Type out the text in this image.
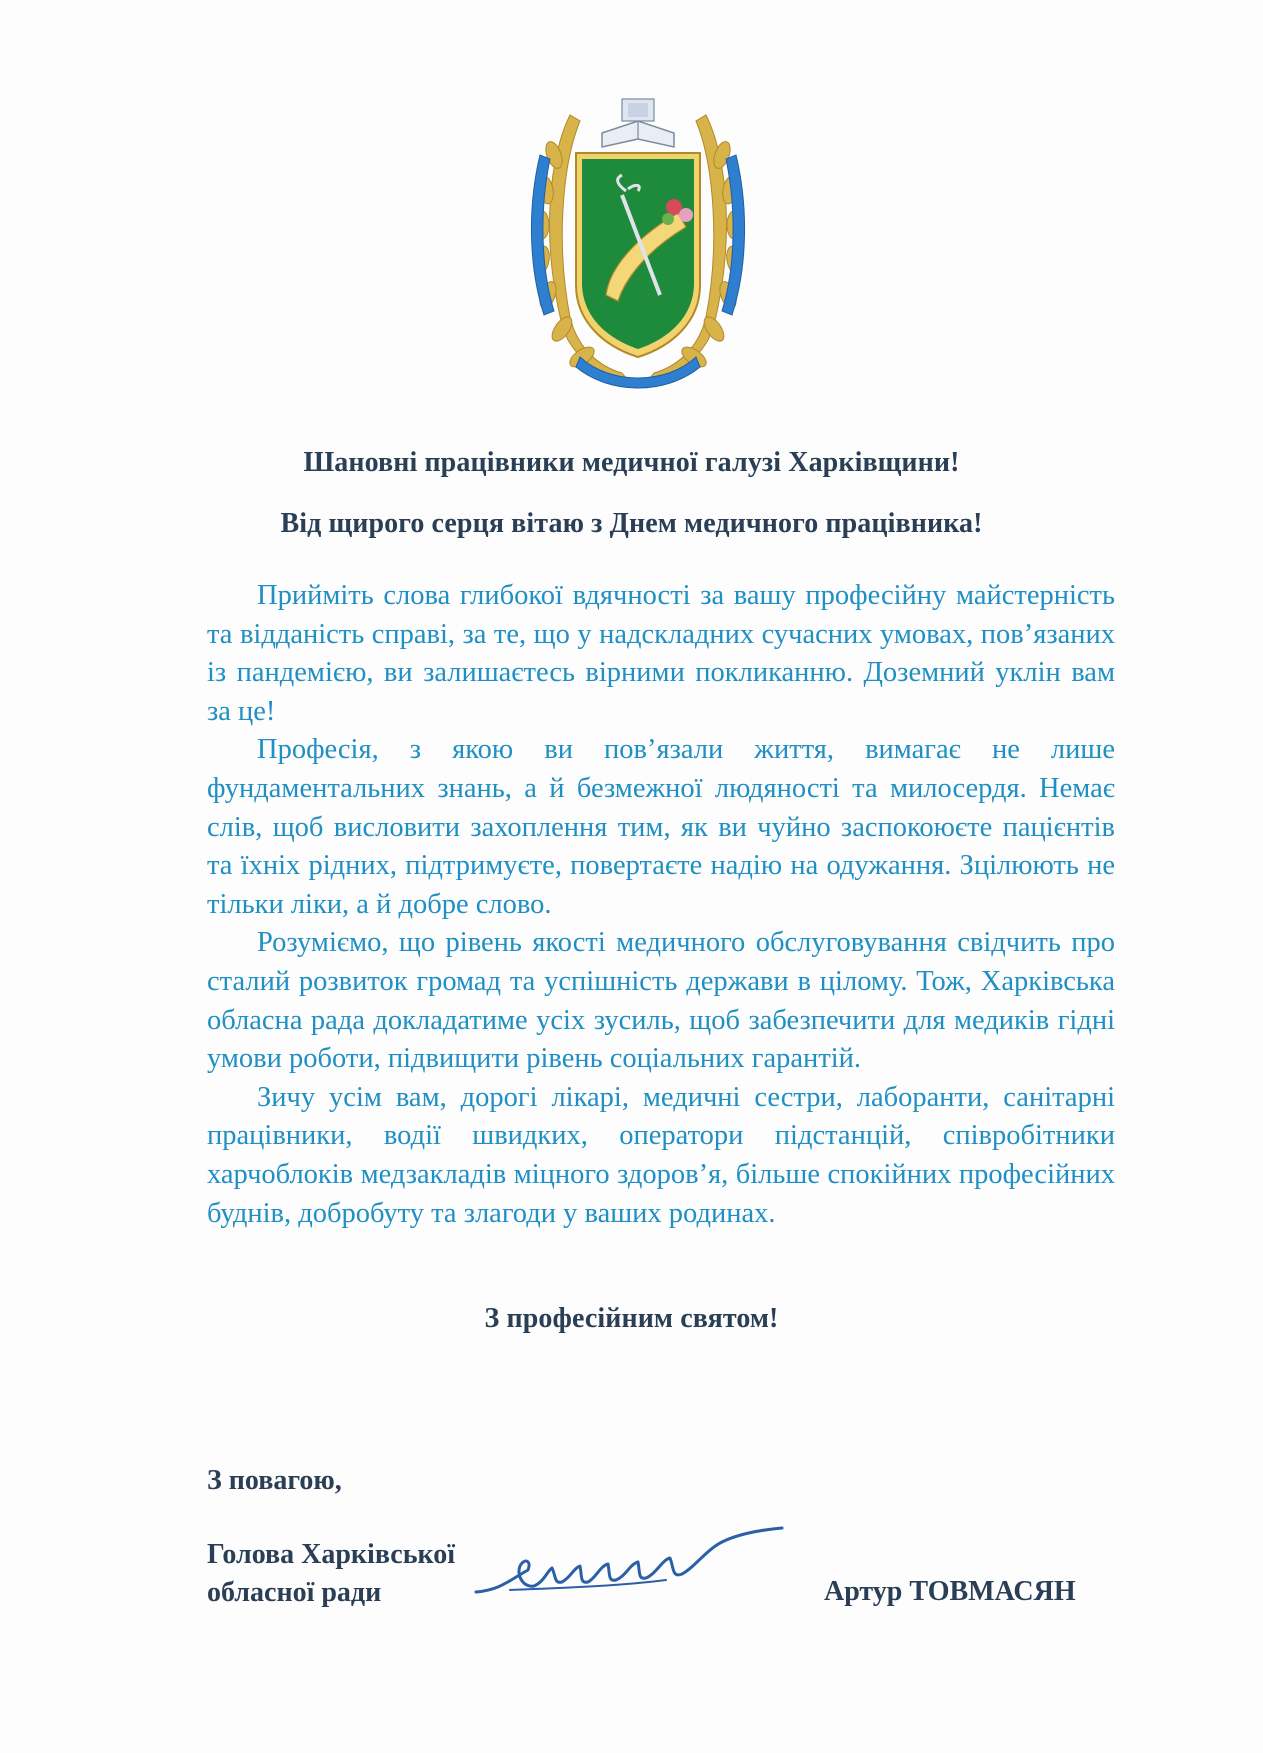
Шановні працівники медичної галузі Харківщини!
Від щирого серця вітаю з Днем медичного працівника!

Прийміть слова глибокої вдячності за вашу професійну майстерність та відданість справі, за те, що у надскладних сучасних умовах, пов’язаних із пандемією, ви залишаєтесь вірними покликанню. Доземний уклін вам за це!

Професія, з якою ви пов’язали життя, вимагає не лише фундаментальних знань, а й безмежної людяності та милосердя. Немає слів, щоб висловити захоплення тим, як ви чуйно заспокоюєте пацієнтів та їхніх рідних, підтримуєте, повертаєте надію на одужання. Зцілюють не тільки ліки, а й добре слово.

Розуміємо, що рівень якості медичного обслуговування свідчить про сталий розвиток громад та успішність держави в цілому. Тож, Харківська обласна рада докладатиме усіх зусиль, щоб забезпечити для медиків гідні умови роботи, підвищити рівень соціальних гарантій.

Зичу усім вам, дорогі лікарі, медичні сестри, лаборанти, санітарні працівники, водії швидких, оператори підстанцій, співробітники харчоблоків медзакладів міцного здоров’я, більше спокійних професійних буднів, добробуту та злагоди у ваших родинах.

З професійним святом!
З повагою,
Голова Харківської
обласної ради	Артур ТОВМАСЯН
